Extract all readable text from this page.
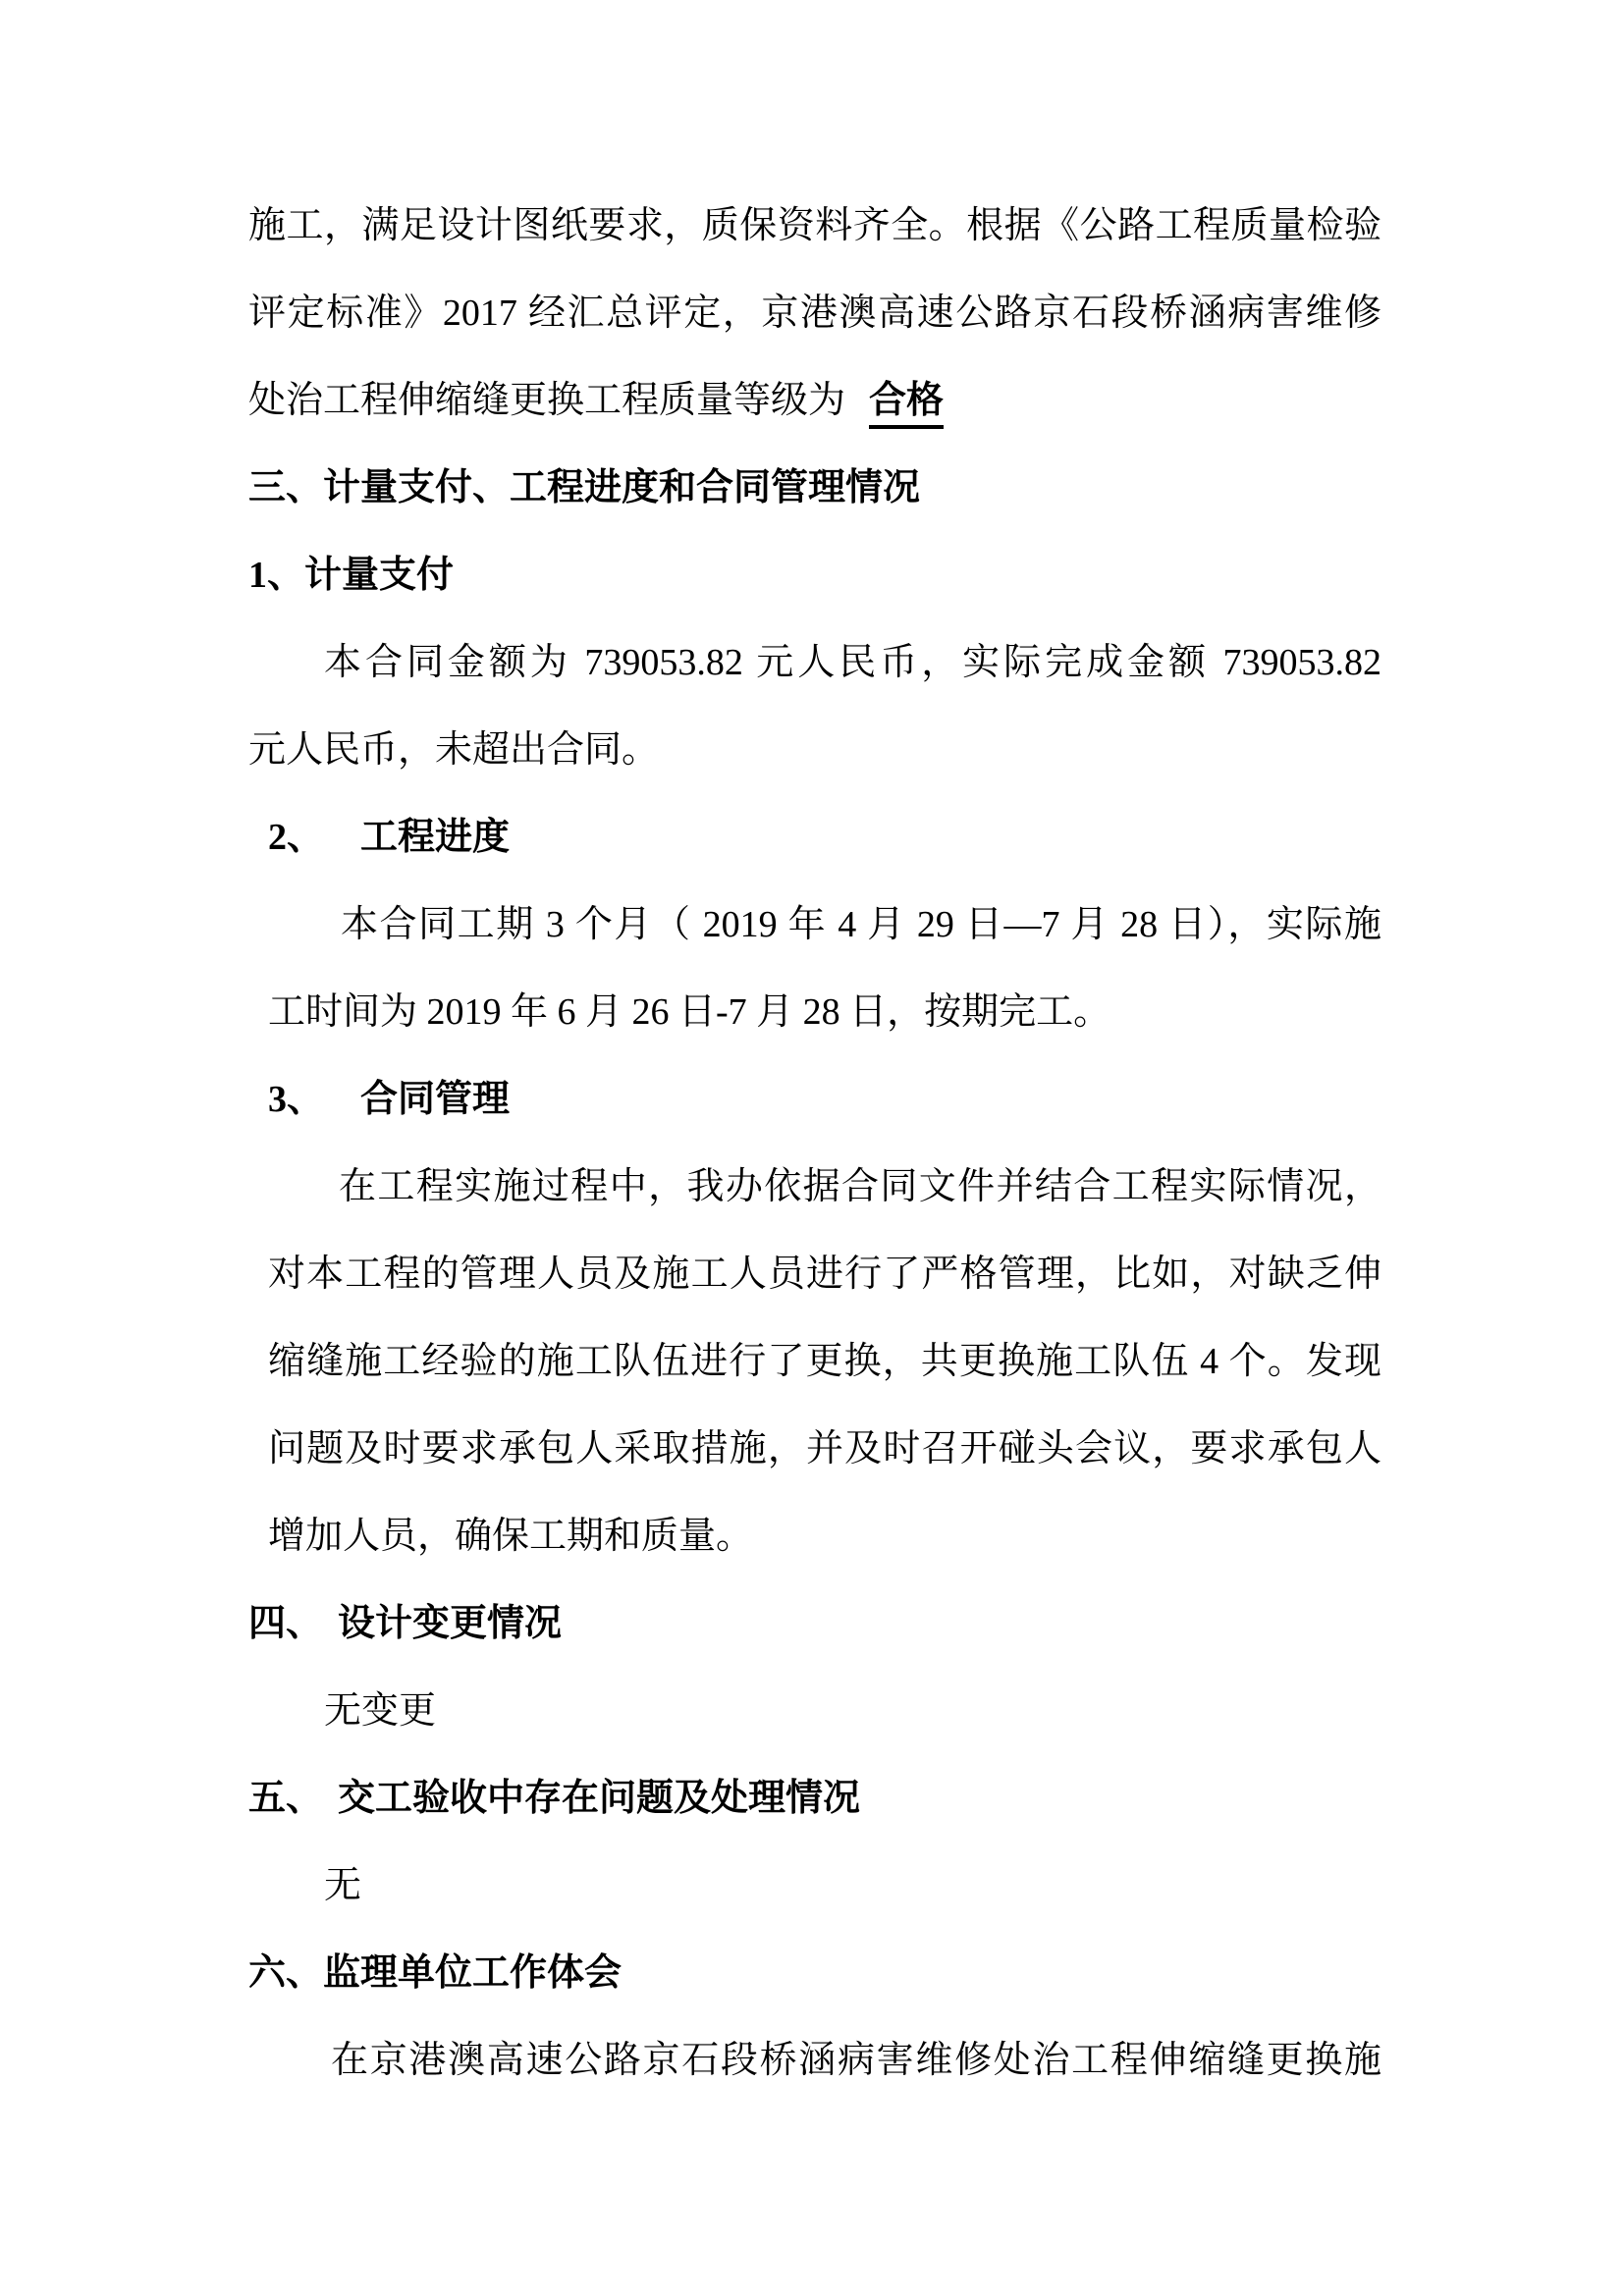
施工，满足设计图纸要求，质保资料齐全。根据《公路工程质量检验
评定标准》2017 经汇总评定，京港澳高速公路京石段桥涵病害维修
处治工程伸缩缝更换工程质量等级为 合格
三、计量支付、工程进度和合同管理情况
1、计量支付
本合同金额为 739053.82 元人民币，实际完成金额 739053.82
元人民币，未超出合同。
2、 工程进度
本合同工期 3 个月（ 2019 年 4 月 29 日—7 月 28 日），实际施
工时间为 2019 年 6 月 26 日-7 月 28 日，按期完工。
3、 合同管理
在工程实施过程中，我办依据合同文件并结合工程实际情况，
对本工程的管理人员及施工人员进行了严格管理，比如，对缺乏伸
缩缝施工经验的施工队伍进行了更换，共更换施工队伍 4 个。发现
问题及时要求承包人采取措施，并及时召开碰头会议，要求承包人
增加人员，确保工期和质量。
四、 设计变更情况
无变更
五、 交工验收中存在问题及处理情况
无
六、监理单位工作体会
在京港澳高速公路京石段桥涵病害维修处治工程伸缩缝更换施
